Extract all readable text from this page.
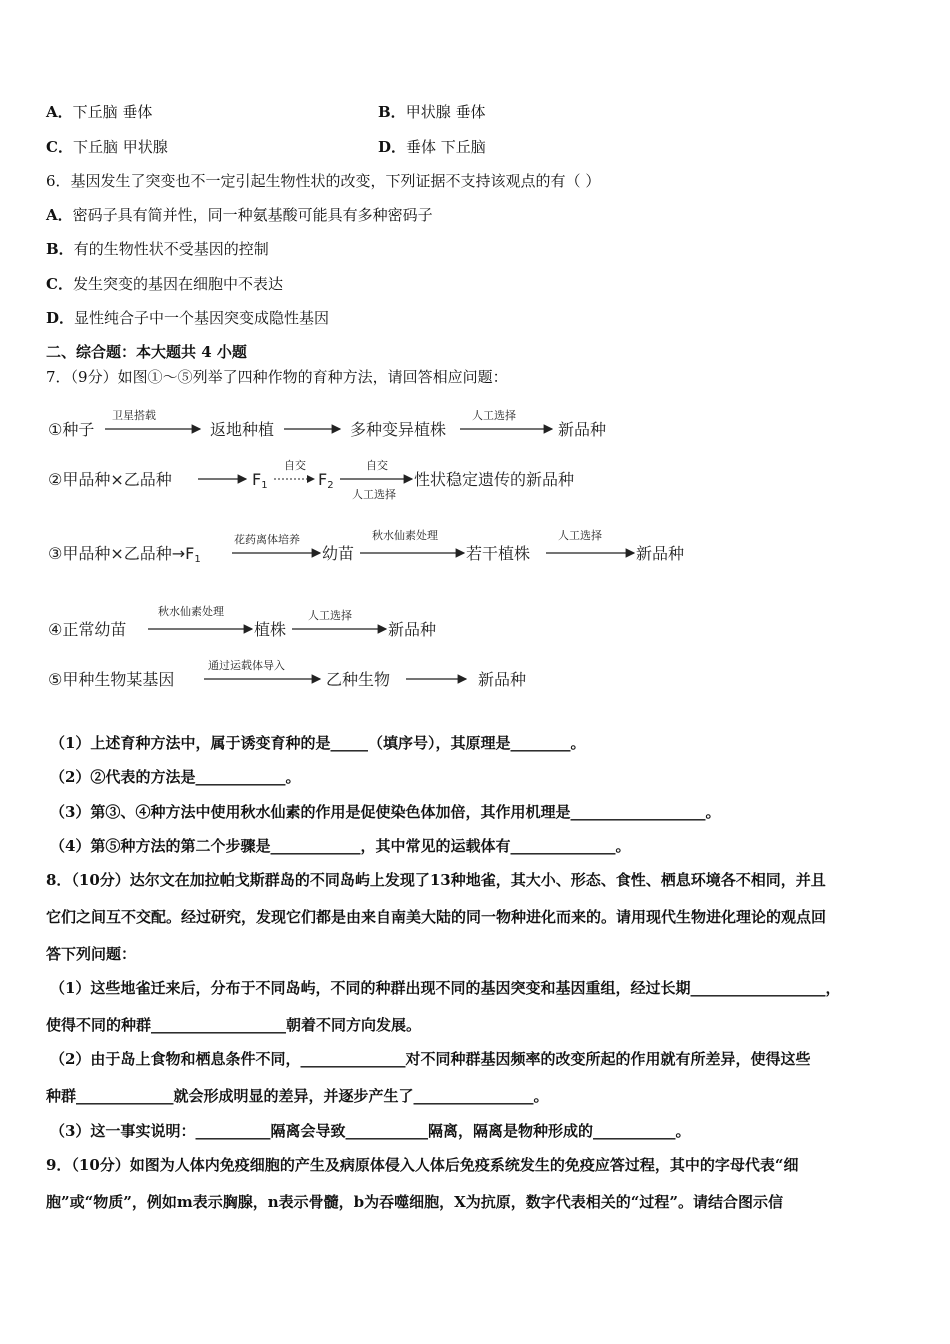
A．下丘脑 垂体	B．甲状腺 垂体
C．下丘脑 甲状腺	D．垂体 下丘脑
6．基因发生了突变也不一定引起生物性状的改变，下列证据不支持该观点的有（ ）
A．密码子具有简并性，同一种氨基酸可能具有多种密码子
B．有的生物性状不受基因的控制
C．发生突变的基因在细胞中不表达
D．显性纯合子中一个基因突变成隐性基因
二、综合题：本大题共 4 小题
7．（9分）如图①～⑤列举了四种作物的育种方法，请回答相应问题：
①种子
卫星搭载
返地种植	多种变异植株
人工选择
新品种
②甲品种×乙品种	F1
自交
F2
自交
人工选择
性状稳定遗传的新品种
③甲品种×乙品种→F1
花药离体培养
幼苗
秋水仙素处理
若干植株
人工选择
新品种
④正常幼苗
秋水仙素处理
植株
人工选择
新品种
⑤甲种生物某基因
通过运载体导入
乙种生物	新品种
（1）上述育种方法中，属于诱变育种的是_____（填序号），其原理是________。
（2）②代表的方法是____________。
（3）第③、④种方法中使用秋水仙素的作用是促使染色体加倍，其作用机理是__________________。
（4）第⑤种方法的第二个步骤是____________，其中常见的运载体有______________。
8．（10分）达尔文在加拉帕戈斯群岛的不同岛屿上发现了13种地雀，其大小、形态、食性、栖息环境各不相同，并且
它们之间互不交配。经过研究，发现它们都是由来自南美大陆的同一物种进化而来的。请用现代生物进化理论的观点回
答下列问题：
（1）这些地雀迁来后，分布于不同岛屿，不同的种群出现不同的基因突变和基因重组，经过长期__________________，
使得不同的种群__________________朝着不同方向发展。
（2）由于岛上食物和栖息条件不同，______________对不同种群基因频率的改变所起的作用就有所差异，使得这些
种群_____________就会形成明显的差异，并逐步产生了________________。
（3）这一事实说明：__________隔离会导致___________隔离，隔离是物种形成的___________。
9．（10分）如图为人体内免疫细胞的产生及病原体侵入人体后免疫系统发生的免疫应答过程，其中的字母代表“细
胞”或“物质”，例如m表示胸腺，n表示骨髓，b为吞噬细胞，X为抗原，数字代表相关的“过程”。请结合图示信
